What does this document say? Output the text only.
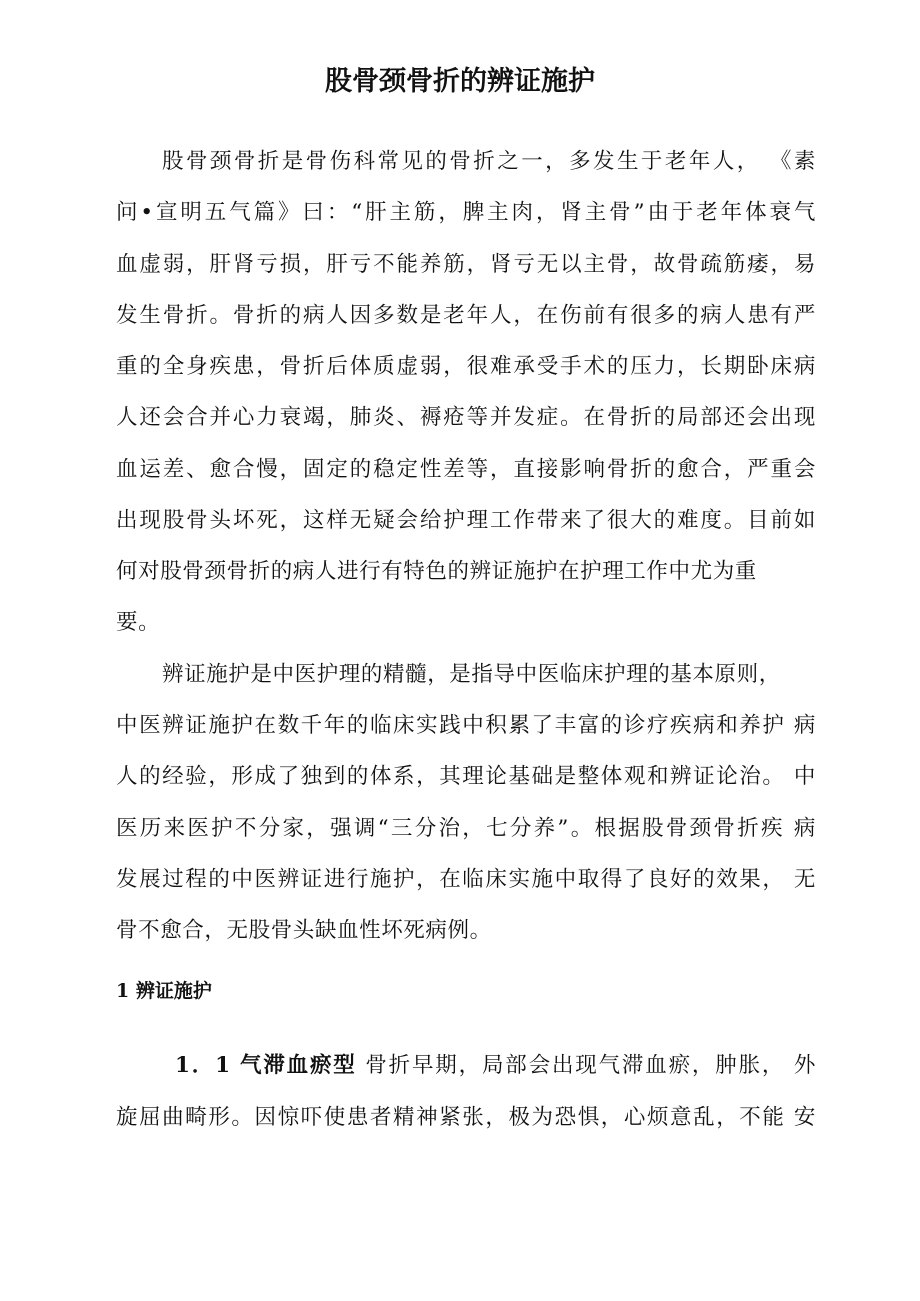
股骨颈骨折的辨证施护
股骨颈骨折是骨伤科常见的骨折之一，多发生于老年人， 《素
问•宣明五气篇》曰：“肝主筋，脾主肉，肾主骨”由于老年体衰气
血虚弱，肝肾亏损，肝亏不能养筋，肾亏无以主骨，故骨疏筋痿，易
发生骨折。骨折的病人因多数是老年人，在伤前有很多的病人患有严
重的全身疾患，骨折后体质虚弱，很难承受手术的压力，长期卧床病
人还会合并心力衰竭，肺炎、褥疮等并发症。在骨折的局部还会出现
血运差、愈合慢，固定的稳定性差等，直接影响骨折的愈合，严重会
出现股骨头坏死，这样无疑会给护理工作带来了很大的难度。目前如
何对股骨颈骨折的病人进行有特色的辨证施护在护理工作中尤为重
要。
辨证施护是中医护理的精髓，是指导中医临床护理的基本原则，
中医辨证施护在数千年的临床实践中积累了丰富的诊疗疾病和养护 病
人的经验，形成了独到的体系，其理论基础是整体观和辨证论治。 中
医历来医护不分家，强调“三分治，七分养”。根据股骨颈骨折疾 病
发展过程的中医辨证进行施护，在临床实施中取得了良好的效果， 无
骨不愈合，无股骨头缺血性坏死病例。
1 辨证施护
1．1 气滞血瘀型 骨折早期，局部会出现气滞血瘀，肿胀， 外
旋屈曲畸形。因惊吓使患者精神紧张，极为恐惧，心烦意乱，不能 安
